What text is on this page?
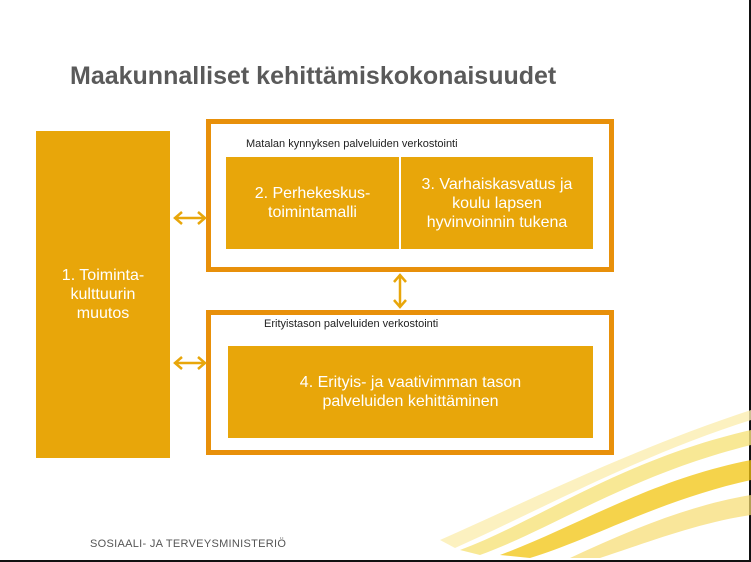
Maakunnalliset kehittämiskokonaisuudet
1. Toiminta-
kulttuurin
muutos
Matalan kynnyksen palveluiden verkostointi
2. Perhekeskus-
toimintamalli
3. Varhaiskasvatus ja
koulu lapsen
hyvinvoinnin tukena
Erityistason palveluiden verkostointi
4. Erityis- ja vaativimman tason
palveluiden kehittäminen
SOSIAALI- JA TERVEYSMINISTERIÖ
